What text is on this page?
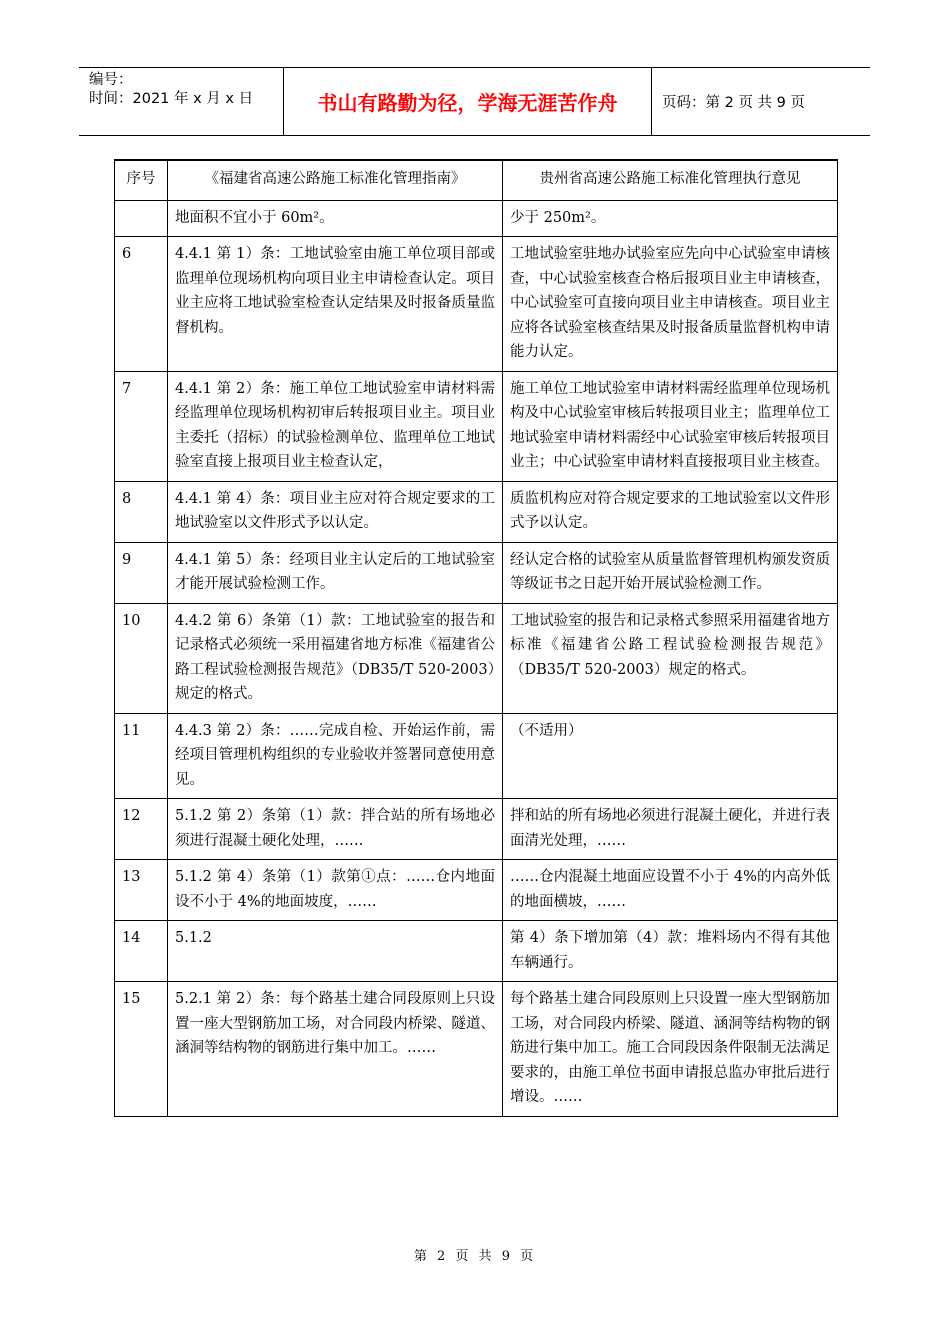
编号：
时间：2021 年 x 月 x 日	书山有路勤为径，学海无涯苦作舟	页码：第 2 页 共 9 页
序号	《福建省高速公路施工标准化管理指南》	贵州省高速公路施工标准化管理执行意见
	地面积不宜小于 60m²。	少于 250m²。
6	4.4.1 第 1）条：工地试验室由施工单位项目部或监理单位现场机构向项目业主申请检查认定。项目业主应将工地试验室检查认定结果及时报备质量监督机构。	工地试验室驻地办试验室应先向中心试验室申请核查，中心试验室核查合格后报项目业主申请核查，中心试验室可直接向项目业主申请核查。项目业主应将各试验室核查结果及时报备质量监督机构申请能力认定。
7	4.4.1 第 2）条：施工单位工地试验室申请材料需经监理单位现场机构初审后转报项目业主。项目业主委托（招标）的试验检测单位、监理单位工地试验室直接上报项目业主检查认定，	施工单位工地试验室申请材料需经监理单位现场机构及中心试验室审核后转报项目业主；监理单位工地试验室申请材料需经中心试验室审核后转报项目业主；中心试验室申请材料直接报项目业主核查。
8	4.4.1 第 4）条：项目业主应对符合规定要求的工地试验室以文件形式予以认定。	质监机构应对符合规定要求的工地试验室以文件形式予以认定。
9	4.4.1 第 5）条：经项目业主认定后的工地试验室才能开展试验检测工作。	经认定合格的试验室从质量监督管理机构颁发资质等级证书之日起开始开展试验检测工作。
10	4.4.2 第 6）条第（1）款：工地试验室的报告和记录格式必须统一采用福建省地方标准《福建省公路工程试验检测报告规范》（DB35/T 520-2003）规定的格式。	工地试验室的报告和记录格式参照采用福建省地方标准《福建省公路工程试验检测报告规范》（DB35/T 520-2003）规定的格式。
11	4.4.3 第 2）条：……完成自检、开始运作前，需经项目管理机构组织的专业验收并签署同意使用意见。	（不适用）
12	5.1.2 第 2）条第（1）款：拌合站的所有场地必须进行混凝土硬化处理，……	拌和站的所有场地必须进行混凝土硬化，并进行表面清光处理，……
13	5.1.2 第 4）条第（1）款第①点：……仓内地面设不小于 4%的地面坡度，……	……仓内混凝土地面应设置不小于 4%的内高外低的地面横坡，……
14	5.1.2	第 4）条下增加第（4）款：堆料场内不得有其他车辆通行。
15	5.2.1 第 2）条：每个路基土建合同段原则上只设置一座大型钢筋加工场，对合同段内桥梁、隧道、涵洞等结构物的钢筋进行集中加工。……	每个路基土建合同段原则上只设置一座大型钢筋加工场，对合同段内桥梁、隧道、涵洞等结构物的钢筋进行集中加工。施工合同段因条件限制无法满足要求的，由施工单位书面申请报总监办审批后进行增设。……
第 2 页 共 9 页
